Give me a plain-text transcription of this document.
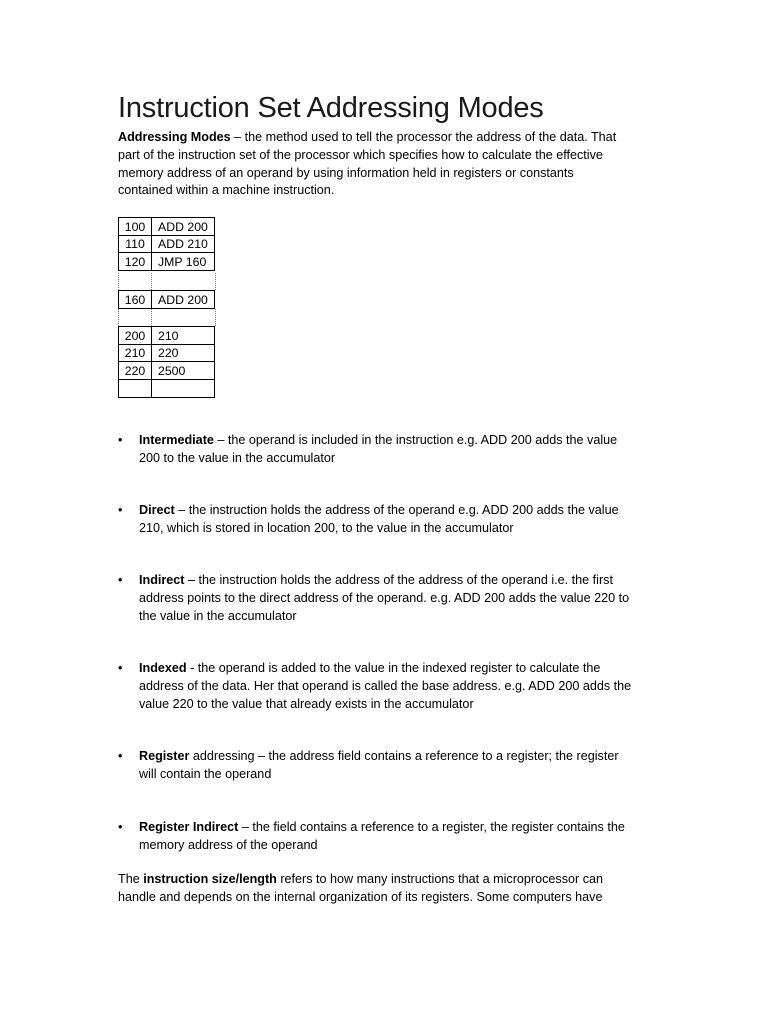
Instruction Set Addressing Modes

Addressing Modes – the method used to tell the processor the address of the data. That

part of the instruction set of the processor which specifies how to calculate the effective

memory address of an operand by using information held in registers or constants

contained within a machine instruction.

100	ADD 200
110	ADD 210
120	JMP 160
160	ADD 200
200	210
210	220
220	2500
•	Intermediate – the operand is included in the instruction e.g. ADD 200 adds the value

200 to the value in the accumulator

•	Direct – the instruction holds the address of the operand e.g. ADD 200 adds the value

210, which is stored in location 200, to the value in the accumulator

•	Indirect – the instruction holds the address of the address of the operand i.e. the first

address points to the direct address of the operand. e.g. ADD 200 adds the value 220 to

the value in the accumulator

•	Indexed - the operand is added to the value in the indexed register to calculate the

address of the data. Her that operand is called the base address. e.g. ADD 200 adds the

value 220 to the value that already exists in the accumulator

•	Register addressing – the address field contains a reference to a register; the register

will contain the operand

•	Register Indirect – the field contains a reference to a register, the register contains the

memory address of the operand

The instruction size/length refers to how many instructions that a microprocessor can

handle and depends on the internal organization of its registers. Some computers have
